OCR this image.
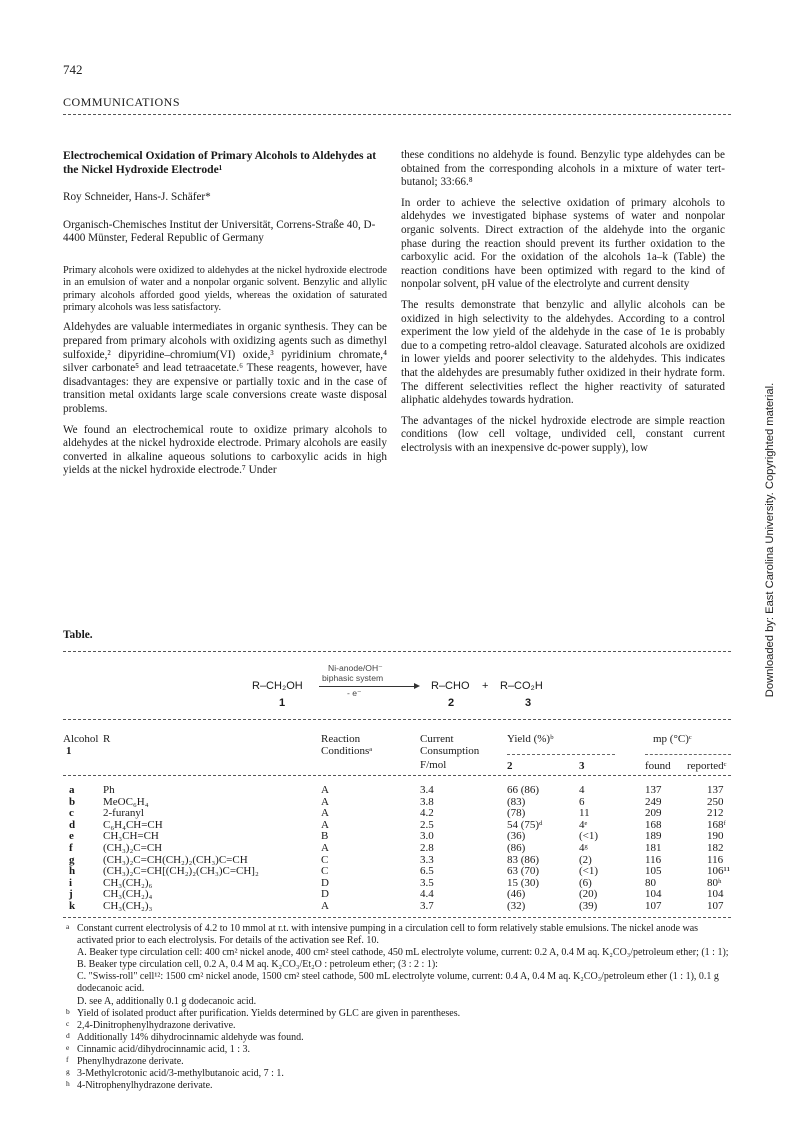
742
COMMUNICATIONS
Electrochemical Oxidation of Primary Alcohols to Aldehydes at the Nickel Hydroxide Electrode¹
Roy Schneider, Hans-J. Schäfer*
Organisch-Chemisches Institut der Universität, Correns-Straße 40, D-4400 Münster, Federal Republic of Germany

Primary alcohols were oxidized to aldehydes at the nickel hydroxide electrode in an emulsion of water and a nonpolar organic solvent. Benzylic and allylic primary alcohols afforded good yields, whereas the oxidation of saturated primary alcohols was less satisfactory.

Aldehydes are valuable intermediates in organic synthesis. They can be prepared from primary alcohols with oxidizing agents such as dimethyl sulfoxide,² dipyridine–chromium(VI) oxide,³ pyridinium chromate,⁴ silver carbonate⁵ and lead tetraacetate.⁶ These reagents, however, have disadvantages: they are expensive or partially toxic and in the case of transition metal oxidants large scale conversions create waste disposal problems.

We found an electrochemical route to oxidize primary alcohols to aldehydes at the nickel hydroxide electrode. Primary alcohols are easily converted in alkaline aqueous solutions to carboxylic acids in high yields at the nickel hydroxide electrode.⁷ Under

these conditions no aldehyde is found. Benzylic type aldehydes can be obtained from the corresponding alcohols in a mixture of water tert-butanol; 33:66.⁸

In order to achieve the selective oxidation of primary alcohols to aldehydes we investigated biphase systems of water and nonpolar organic solvents. Direct extraction of the aldehyde into the organic phase during the reaction should prevent its further oxidation to the carboxylic acid. For the oxidation of the alcohols 1a–k (Table) the reaction conditions have been optimized with regard to the kind of nonpolar solvent, pH value of the electrolyte and current density

The results demonstrate that benzylic and allylic alcohols can be oxidized in high selectivity to the aldehydes. According to a control experiment the low yield of the aldehyde in the case of 1e is probably due to a competing retro-aldol cleavage. Saturated alcohols are oxidized in lower yields and poorer selectivity to the aldehydes. This indicates that the aldehydes are presumably futher oxidized in their hydrate form. The different selectivities reflect the higher reactivity of saturated aliphatic aldehydes towards hydration.

The advantages of the nickel hydroxide electrode are simple reaction conditions (low cell voltage, undivided cell, constant current electrolysis with an inexpensive dc-power supply), low	Downloaded by: East Carolina University. Copyrighted material.
Table.
R–CH₂OH
1
Ni-anode/OH⁻
biphasic system
- e⁻
R–CHO + R–CO₂H
2	3
Alcohol
1
R	Reaction
Conditionsᵃ
Current
Consumption
F/mol
Yield (%)ᵇ
2	3
mp (°C)ᶜ
found reportedᶜ
a	Ph	A	3.4	66 (86)	4	137	137
b	MeOC₆H₄	A	3.8	(83)	6	249	250
c	2-furanyl	A	4.2	(78)	11	209	212
d	C₆H₄CH=CH	A	2.5	54 (75)ᵈ	4ᵉ	168	168ᶠ
e	CH₃CH=CH	B	3.0	(36)	(<1)	189	190
f	(CH₃)₂C=CH	A	2.8	(86)	4ᵍ	181	182
g	(CH₃)₂C=CH(CH₂)₂(CH₃)C=CH	C	3.3	83 (86)	(2)	116	116
h	(CH₃)₂C=CH[(CH₂)₂(CH₃)C=CH]₂	C	6.5	63 (70)	(<1)	105	106¹¹
i	CH₃(CH₂)₆	D	3.5	15 (30)	(6)	80	80ʰ
j	CH₃(CH₂)₄	D	4.4	(46)	(20)	104	104
k	CH₃(CH₂)₃	A	3.7	(32)	(39)	107	107
a Constant current electrolysis of 4.2 to 10 mmol at r.t. with intensive pumping in a circulation cell to form relatively stable emulsions. The nickel anode was activated prior to each electrolysis. For details of the activation see Ref. 10.
A. Beaker type circulation cell: 400 cm² nickel anode, 400 cm² steel cathode, 450 mL electrolyte volume, current: 0.2 A, 0.4 M aq. K₂CO₃/petroleum ether; (1 : 1);
B. Beaker type circulation cell, 0.2 A, 0.4 M aq. K₂CO₃/Et₂O : petroleum ether; (3 : 2 : 1):
C. "Swiss-roll" cell¹²: 1500 cm² nickel anode, 1500 cm² steel cathode, 500 mL electrolyte volume, current: 0.4 A, 0.4 M aq. K₂CO₃/petroleum ether (1 : 1), 0.1 g dodecanoic acid.
D. see A, additionally 0.1 g dodecanoic acid.
b Yield of isolated product after purification. Yields determined by GLC are given in parentheses.
c 2,4-Dinitrophenylhydrazone derivative.
d Additionally 14% dihydrocinnamic aldehyde was found.
e Cinnamic acid/dihydrocinnamic acid, 1 : 3.
f Phenylhydrazone derivate.
g 3-Methylcrotonic acid/3-methylbutanoic acid, 7 : 1.
h 4-Nitrophenylhydrazone derivate.
